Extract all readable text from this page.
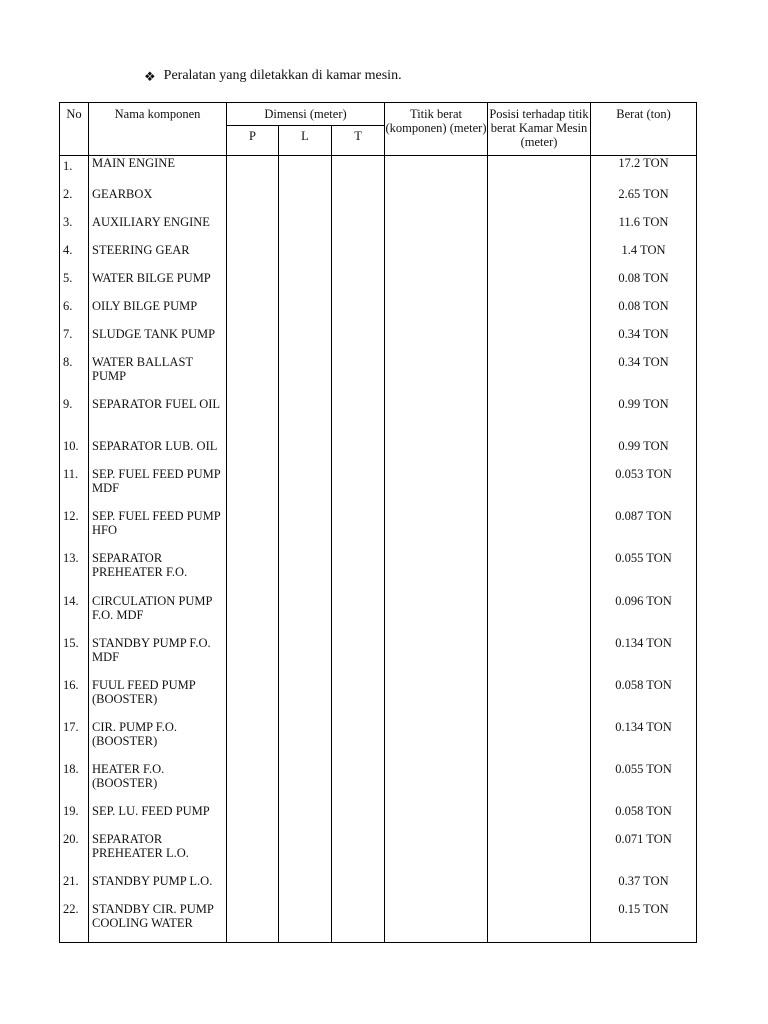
❖ Peralatan yang diletakkan di kamar mesin.
No	Nama komponen	Dimensi (meter)			Titik berat (komponen) (meter)	Posisi terhadap titik berat Kamar Mesin (meter)	Berat (ton)
		P	L	T			
1.	MAIN ENGINE						17.2 TON
2.	GEARBOX						2.65 TON
3.	AUXILIARY ENGINE						11.6 TON
4.	STEERING GEAR						1.4 TON
5.	WATER BILGE PUMP						0.08 TON
6.	OILY BILGE PUMP						0.08 TON
7.	SLUDGE TANK PUMP						0.34 TON
8.	WATER BALLAST PUMP						0.34 TON
9.	SEPARATOR FUEL OIL						0.99 TON
10.	SEPARATOR LUB. OIL						0.99 TON
11.	SEP. FUEL FEED PUMP MDF						0.053 TON
12.	SEP. FUEL FEED PUMP HFO						0.087 TON
13.	SEPARATOR PREHEATER F.O.						0.055 TON
14.	CIRCULATION PUMP F.O. MDF						0.096 TON
15.	STANDBY PUMP F.O. MDF						0.134 TON
16.	FUUL FEED PUMP (BOOSTER)						0.058 TON
17.	CIR. PUMP F.O. (BOOSTER)						0.134 TON
18.	HEATER F.O. (BOOSTER)						0.055 TON
19.	SEP. LU. FEED PUMP						0.058 TON
20.	SEPARATOR PREHEATER L.O.						0.071 TON
21.	STANDBY PUMP L.O.						0.37 TON
22.	STANDBY CIR. PUMP COOLING WATER						0.15 TON
